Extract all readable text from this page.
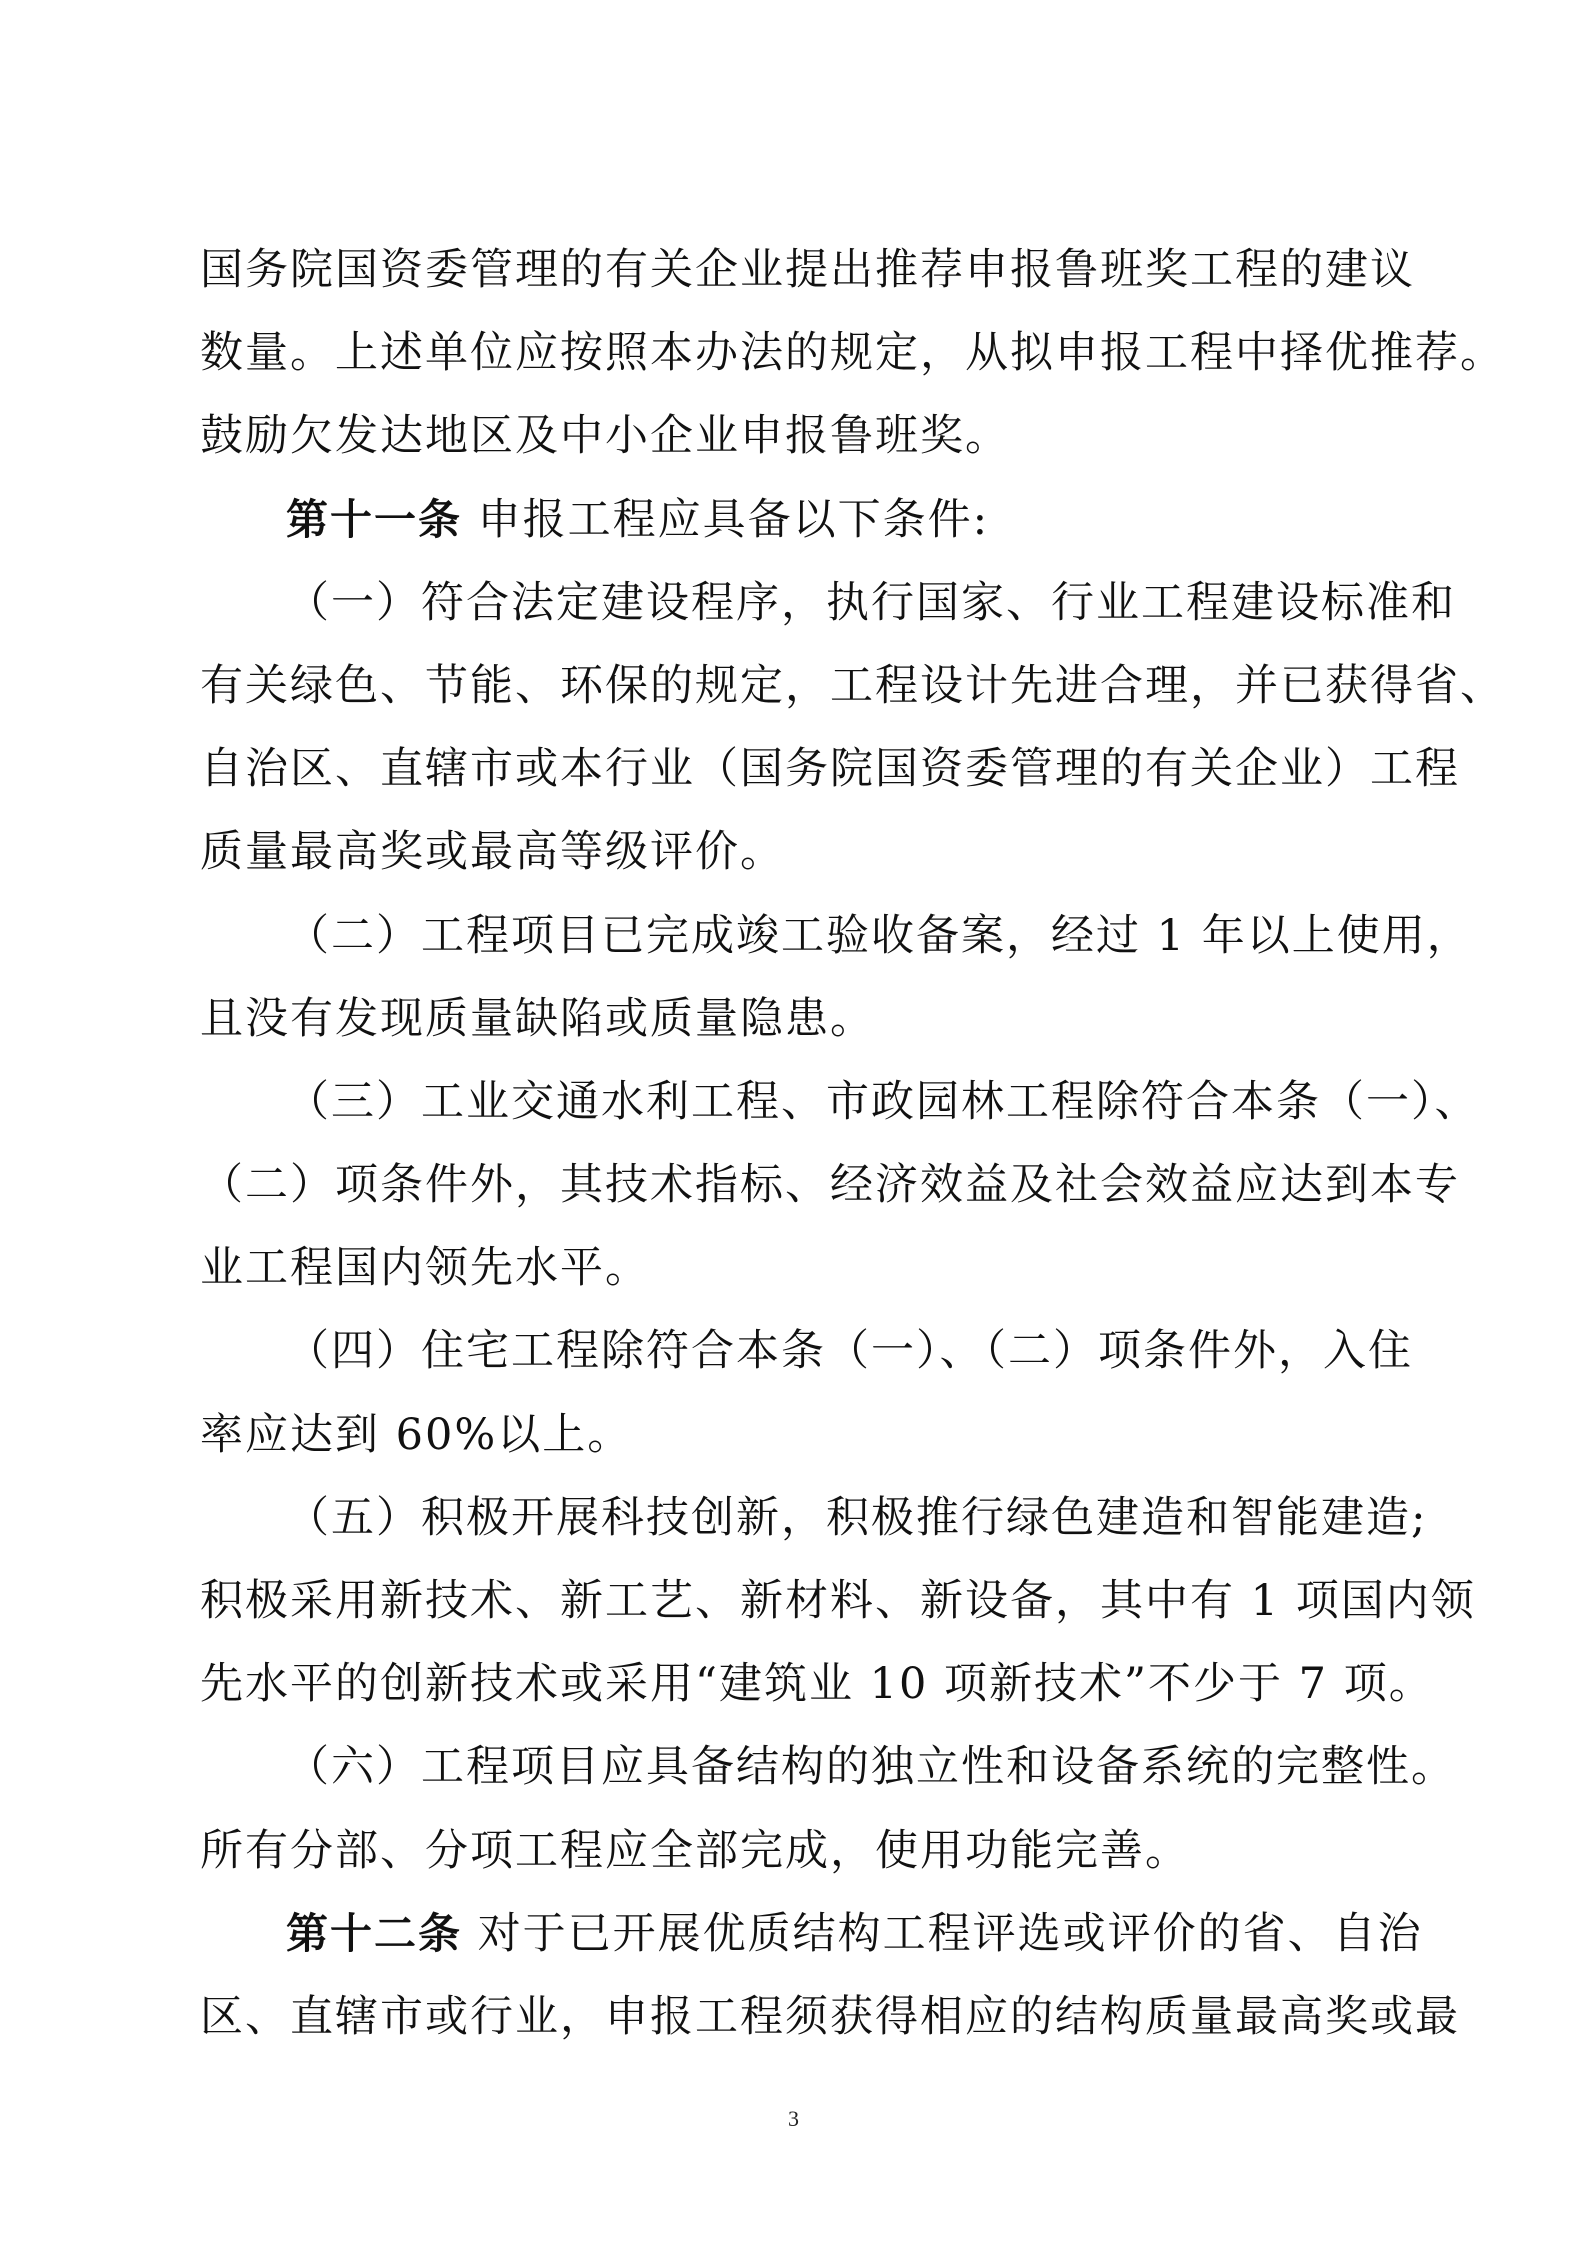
国务院国资委管理的有关企业提出推荐申报鲁班奖工程的建议
数量。上述单位应按照本办法的规定，从拟申报工程中择优推荐。
鼓励欠发达地区及中小企业申报鲁班奖。
第十一条 申报工程应具备以下条件:
（一）符合法定建设程序，执行国家、行业工程建设标准和
有关绿色、节能、环保的规定，工程设计先进合理，并已获得省、
自治区、直辖市或本行业（国务院国资委管理的有关企业）工程
质量最高奖或最高等级评价。
（二）工程项目已完成竣工验收备案，经过 1 年以上使用，
且没有发现质量缺陷或质量隐患。
（三）工业交通水利工程、市政园林工程除符合本条（一）、
（二）项条件外，其技术指标、经济效益及社会效益应达到本专
业工程国内领先水平。
（四）住宅工程除符合本条（一）、（二）项条件外，入住
率应达到 60%以上。
（五）积极开展科技创新，积极推行绿色建造和智能建造;
积极采用新技术、新工艺、新材料、新设备，其中有 1 项国内领
先水平的创新技术或采用“建筑业 10 项新技术”不少于 7 项。
（六）工程项目应具备结构的独立性和设备系统的完整性。
所有分部、分项工程应全部完成，使用功能完善。
第十二条 对于已开展优质结构工程评选或评价的省、自治
区、直辖市或行业，申报工程须获得相应的结构质量最高奖或最
3
